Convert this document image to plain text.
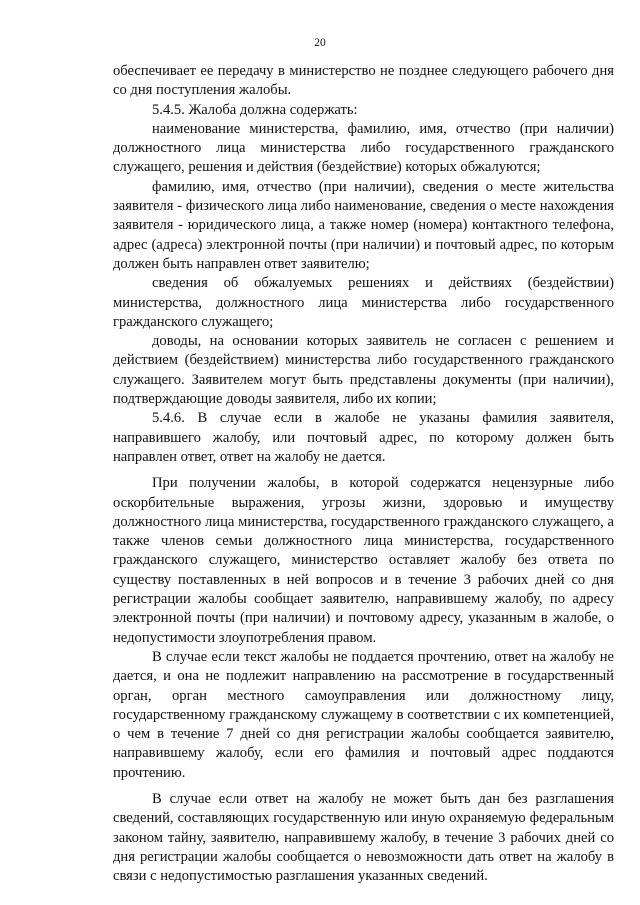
20

обеспечивает ее передачу в министерство не позднее следующего рабочего дня со дня поступления жалобы.

5.4.5. Жалоба должна содержать:

наименование министерства, фамилию, имя, отчество (при наличии) должностного лица министерства либо государственного гражданского служащего, решения и действия (бездействие) которых обжалуются;

фамилию, имя, отчество (при наличии), сведения о месте жительства заявителя - физического лица либо наименование, сведения о месте нахождения заявителя - юридического лица, а также номер (номера) контактного телефона, адрес (адреса) электронной почты (при наличии) и почтовый адрес, по которым должен быть направлен ответ заявителю;

сведения об обжалуемых решениях и действиях (бездействии) министерства, должностного лица министерства либо государственного гражданского служащего;

доводы, на основании которых заявитель не согласен с решением и действием (бездействием) министерства либо государственного гражданского служащего. Заявителем могут быть представлены документы (при наличии), подтверждающие доводы заявителя, либо их копии;

5.4.6. В случае если в жалобе не указаны фамилия заявителя, направившего жалобу, или почтовый адрес, по которому должен быть направлен ответ, ответ на жалобу не дается.

При получении жалобы, в которой содержатся нецензурные либо оскорбительные выражения, угрозы жизни, здоровью и имуществу должностного лица министерства, государственного гражданского служащего, а также членов семьи должностного лица министерства, государственного гражданского служащего, министерство оставляет жалобу без ответа по существу поставленных в ней вопросов и в течение 3 рабочих дней со дня регистрации жалобы сообщает заявителю, направившему жалобу, по адресу электронной почты (при наличии) и почтовому адресу, указанным в жалобе, о недопустимости злоупотребления правом.

В случае если текст жалобы не поддается прочтению, ответ на жалобу не дается, и она не подлежит направлению на рассмотрение в государственный орган, орган местного самоуправления или должностному лицу, государственному гражданскому служащему в соответствии с их компетенцией, о чем в течение 7 дней со дня регистрации жалобы сообщается заявителю, направившему жалобу, если его фамилия и почтовый адрес поддаются прочтению.

В случае если ответ на жалобу не может быть дан без разглашения сведений, составляющих государственную или иную охраняемую федеральным законом тайну, заявителю, направившему жалобу, в течение 3 рабочих дней со дня регистрации жалобы сообщается о невозможности дать ответ на жалобу в связи с недопустимостью разглашения указанных сведений.
